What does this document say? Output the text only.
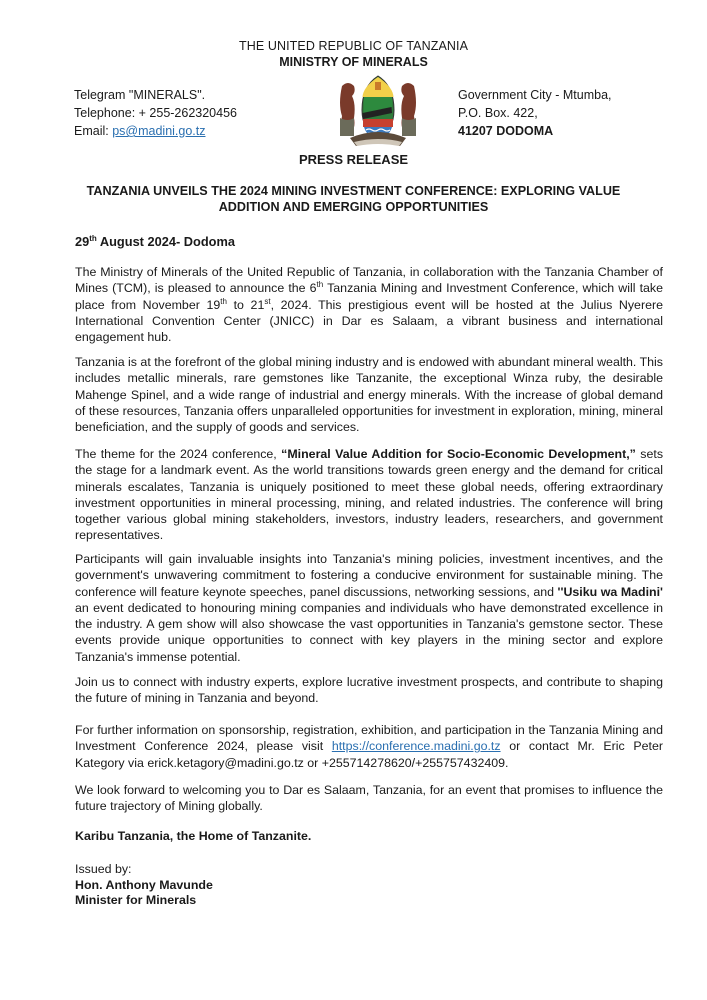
THE UNITED REPUBLIC OF TANZANIA
MINISTRY OF MINERALS
Telegram "MINERALS".
Telephone: + 255-262320456
Email: ps@madini.go.tz
Government City - Mtumba,
P.O. Box. 422,
41207 DODOMA
PRESS RELEASE
TANZANIA UNVEILS THE 2024 MINING INVESTMENT CONFERENCE: EXPLORING VALUE ADDITION AND EMERGING OPPORTUNITIES
29th August 2024- Dodoma
The Ministry of Minerals of the United Republic of Tanzania, in collaboration with the Tanzania Chamber of Mines (TCM), is pleased to announce the 6th Tanzania Mining and Investment Conference, which will take place from November 19th to 21st, 2024. This prestigious event will be hosted at the Julius Nyerere International Convention Center (JNICC) in Dar es Salaam, a vibrant business and international engagement hub.
Tanzania is at the forefront of the global mining industry and is endowed with abundant mineral wealth. This includes metallic minerals, rare gemstones like Tanzanite, the exceptional Winza ruby, the desirable Mahenge Spinel, and a wide range of industrial and energy minerals. With the increase of global demand of these resources, Tanzania offers unparalleled opportunities for investment in exploration, mining, mineral beneficiation, and the supply of goods and services.
The theme for the 2024 conference, “Mineral Value Addition for Socio-Economic Development,” sets the stage for a landmark event. As the world transitions towards green energy and the demand for critical minerals escalates, Tanzania is uniquely positioned to meet these global needs, offering extraordinary investment opportunities in mineral processing, mining, and related industries. The conference will bring together various global mining stakeholders, investors, industry leaders, researchers, and government representatives.
Participants will gain invaluable insights into Tanzania's mining policies, investment incentives, and the government's unwavering commitment to fostering a conducive environment for sustainable mining. The conference will feature keynote speeches, panel discussions, networking sessions, and ''Usiku wa Madini' an event dedicated to honouring mining companies and individuals who have demonstrated excellence in the industry. A gem show will also showcase the vast opportunities in Tanzania's gemstone sector. These events provide unique opportunities to connect with key players in the mining sector and explore Tanzania's immense potential.
Join us to connect with industry experts, explore lucrative investment prospects, and contribute to shaping the future of mining in Tanzania and beyond.
For further information on sponsorship, registration, exhibition, and participation in the Tanzania Mining and Investment Conference 2024, please visit https://conference.madini.go.tz or contact Mr. Eric Peter Kategory via erick.ketagory@madini.go.tz or +255714278620/+255757432409.
We look forward to welcoming you to Dar es Salaam, Tanzania, for an event that promises to influence the future trajectory of Mining globally.
Karibu Tanzania, the Home of Tanzanite.
Issued by:
Hon. Anthony Mavunde
Minister for Minerals
